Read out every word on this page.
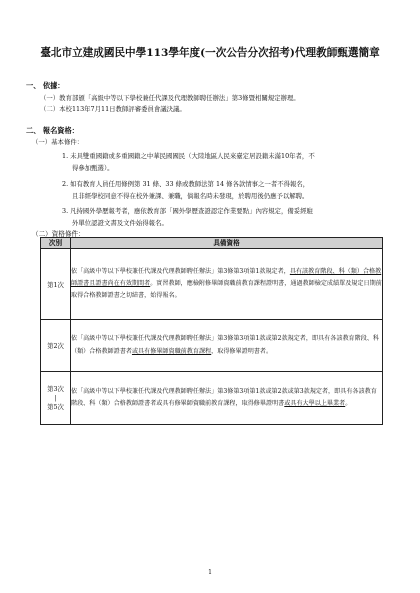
臺北市立建成國民中學113學年度(一次公告分次招考)代理教師甄選簡章
一、 依據：
（一）教育部頒「高級中等以下學校兼任代課及代理教師聘任辦法」第3條暨相關規定辦理。
（二）本校113年7月11日教師評審委員會議決議。
二、 報名資格：
（一）基本條件：
1. 未具雙重國籍或多重國籍之中華民國國民（大陸地區人民來臺定居設籍未滿10年者，不
得參加甄選）。
2. 如有教育人員任用條例第 31 條、33 條或教師法第 14 條各款情事之一者不得報名，
且非經學校同意不得在校外兼課、兼職，倘報名時未發現，於聘用後仍應予以解聘。
3. 凡持國外學歷報考者，應依教育部「國外學歷查證認定作業要點」內容規定，備妥經駐
外單位認證文書及文件始得報名。
（二）資格條件：
次別	具備資格
第1次	依「高級中等以下學校兼任代課及代理教師聘任辦法」第3條第3項第1款規定者，具有該教育階段、科（類）合格教師證書且證書尚在有效期間者。實習教師，應檢附修畢師資職前教育課程證明書，通過教師檢定成績單及規定日期前取得合格教師證書之切結書，始得報名。
第2次	依「高級中等以下學校兼任代課及代理教師聘任辦法」第3條第3項第1款或第2款規定者，即具有各該教育階段、科（類）合格教師證書者或具有修畢師資職前教育課程，取得修畢證明書者。

第3次
|
第5次	依「高級中等以下學校兼任代課及代理教師聘任辦法」第3條第3項第1款或第2款或第3款規定者，即具有各該教育階段、科（類）合格教師證書者或具有修畢師資職前教育課程，取得修畢證明書或具有大學以上畢業者。
1
